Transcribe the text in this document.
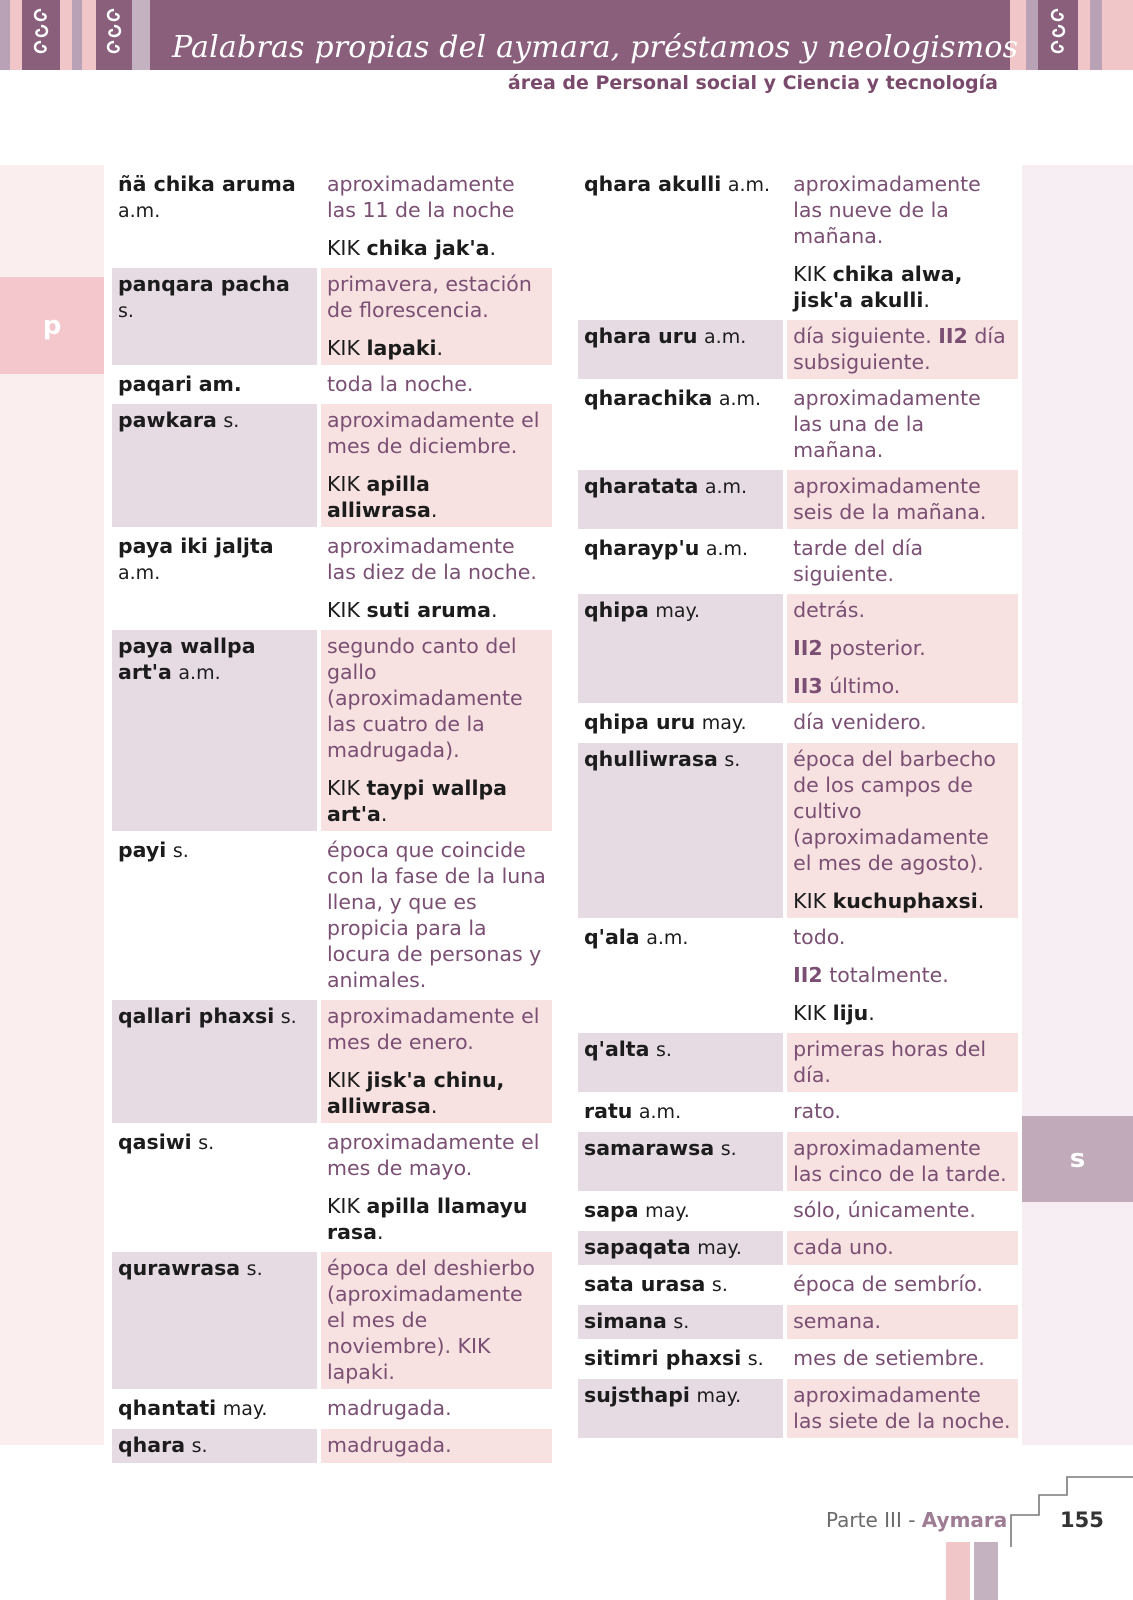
Palabras propias del aymara, préstamos y neologismos
área de Personal social y Ciencia y tecnología
p
s
ñä chika aruma a.m.	aproximadamente las 11 de la noche

KIK chika jak'a.

panqara pacha s.	primavera, estación de florescencia.

KIK lapaki.

paqari am.	toda la noche.

pawkara s.	aproximadamente el mes de diciembre.

KIK apilla alliwrasa.

paya iki jaljta a.m.	aproximadamente las diez de la noche.

KIK suti aruma.

paya wallpa art'a a.m.	segundo canto del gallo (aproximadamente las cuatro de la madrugada).

KIK taypi wallpa art'a.

payi s.	época que coincide con la fase de la luna llena, y que es propicia para la locura de personas y animales.

qallari phaxsi s.	aproximadamente el mes de enero.

KIK jisk'a chinu, alliwrasa.

qasiwi s.	aproximadamente el mes de mayo.

KIK apilla llamayu rasa.

qurawrasa s.	época del deshierbo (aproximadamente el mes de noviembre). KIK lapaki.

qhantati may.	madrugada.

qhara s.	madrugada.

qhara akulli a.m.	aproximadamente las nueve de la mañana.

KIK chika alwa, jisk'a akulli.

qhara uru a.m.	día siguiente. II2 día subsiguiente.

qharachika a.m.	aproximadamente las una de la mañana.

qharatata a.m.	aproximadamente seis de la mañana.

qharayp'u a.m.	tarde del día siguiente.

qhipa may.	detrás.

II2 posterior.

II3 último.

qhipa uru may.	día venidero.

qhulliwrasa s.	época del barbecho de los campos de cultivo (aproximadamente el mes de agosto).

KIK kuchuphaxsi.

q'ala a.m.	todo.

II2 totalmente.

KIK liju.

q'alta s.	primeras horas del día.

ratu a.m.	rato.

samarawsa s.	aproximadamente las cinco de la tarde.

sapa may.	sólo, únicamente.

sapaqata may.	cada uno.

sata urasa s.	época de sembrío.

simana s.	semana.

sitimri phaxsi s.	mes de setiembre.

sujsthapi may.	aproximadamente las siete de la noche.

Parte III - Aymara	155
